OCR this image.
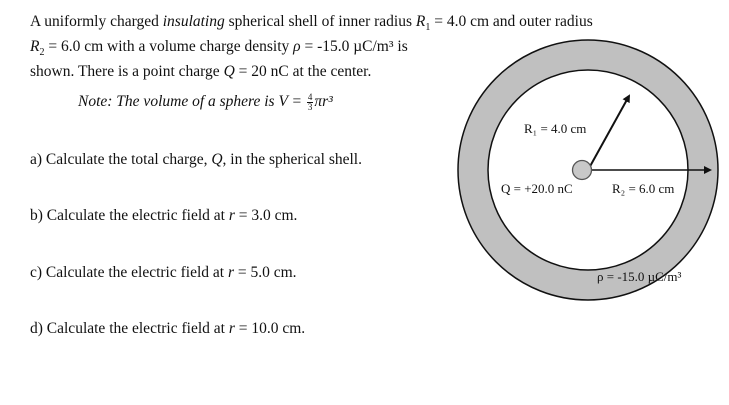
A uniformly charged insulating spherical shell of inner radius $R_1 = 4.0$ cm and outer radius
$R_2 = 6.0$ cm with a volume charge density ρ = -15.0 µC/m³ is
shown. There is a point charge Q = 20 nC at the center.
Note: The volume of a sphere is $V = \frac{4}{3} \pi r^3$
a) Calculate the total charge, Q, in the spherical shell.
b) Calculate the electric field at r = 3.0 cm.
c) Calculate the electric field at r = 5.0 cm.
d) Calculate the electric field at r = 10.0 cm.
R₁ = 4.0 cm
Q = +20.0 nC	R₂ = 6.0 cm
ρ = -15.0 µC/m³
